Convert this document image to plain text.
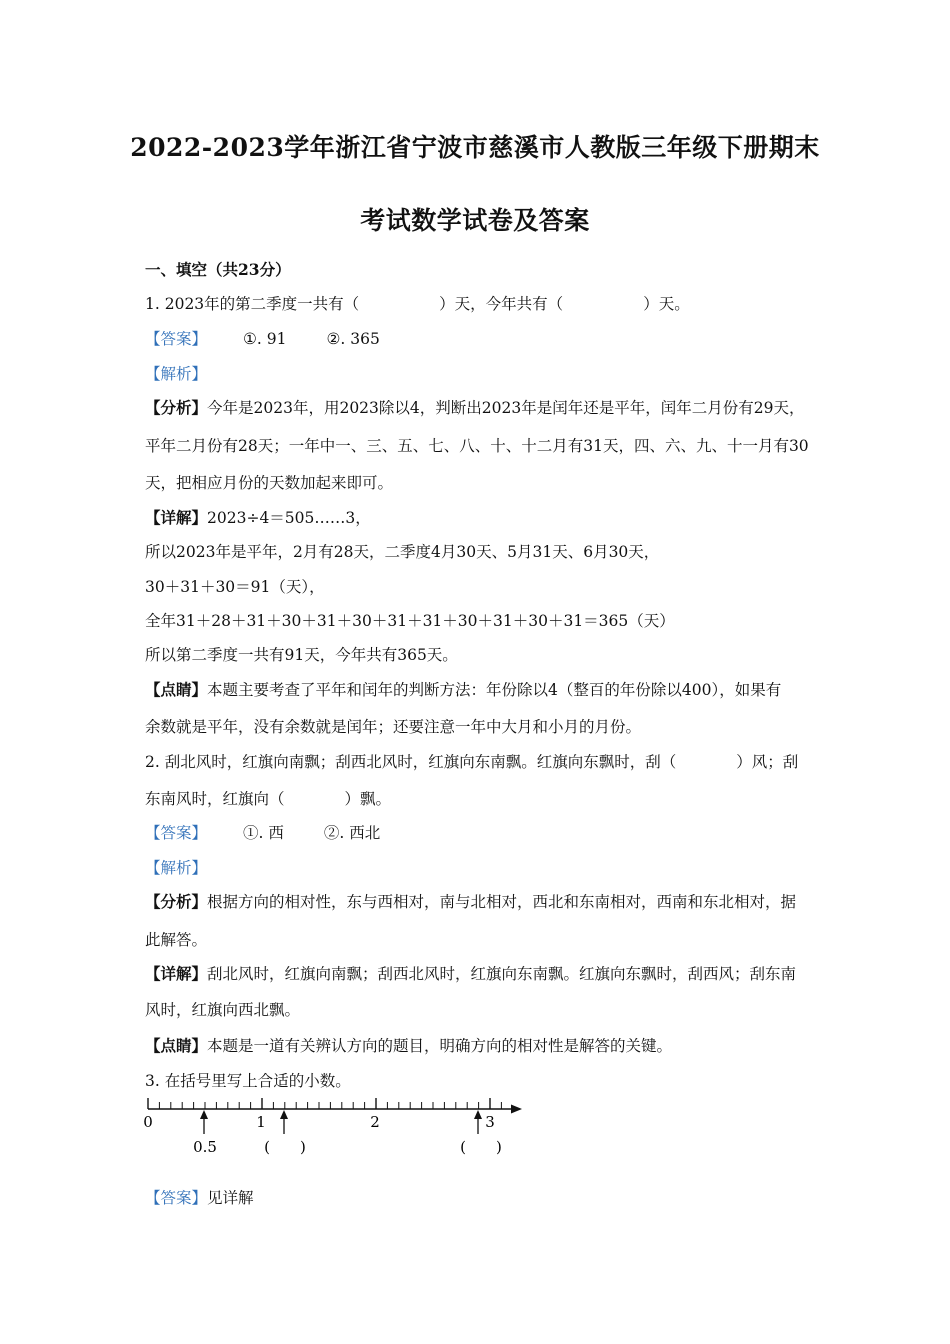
2022-2023学年浙江省宁波市慈溪市人教版三年级下册期末
考试数学试卷及答案
一、填空（共23分）
1. 2023年的第二季度一共有（	）天，今年共有（	）天。
【答案】 ①. 91	②. 365
【解析】
【分析】今年是2023年，用2023除以4，判断出2023年是闰年还是平年，闰年二月份有29天，
平年二月份有28天；一年中一、三、五、七、八、十、十二月有31天，四、六、九、十一月有30
天，把相应月份的天数加起来即可。
【详解】2023÷4＝505……3，
所以2023年是平年，2月有28天，二季度4月30天、5月31天、6月30天，
30＋31＋30＝91（天），
全年31＋28＋31＋30＋31＋30＋31＋31＋30＋31＋30＋31＝365（天）
所以第二季度一共有91天，今年共有365天。
【点睛】本题主要考查了平年和闰年的判断方法：年份除以4（整百的年份除以400），如果有
余数就是平年，没有余数就是闰年；还要注意一年中大月和小月的月份。
2. 刮北风时，红旗向南飘；刮西北风时，红旗向东南飘。红旗向东飘时，刮（	）风；刮
东南风时，红旗向（	）飘。
【答案】 ①. 西	②. 西北
【解析】
【分析】根据方向的相对性，东与西相对，南与北相对，西北和东南相对，西南和东北相对，据
此解答。
【详解】刮北风时，红旗向南飘；刮西北风时，红旗向东南飘。红旗向东飘时，刮西风；刮东南
风时，红旗向西北飘。
【点睛】本题是一道有关辨认方向的题目，明确方向的相对性是解答的关键。
3. 在括号里写上合适的小数。
0	1	2	3
0.5	(　　)	(　　)
【答案】见详解
